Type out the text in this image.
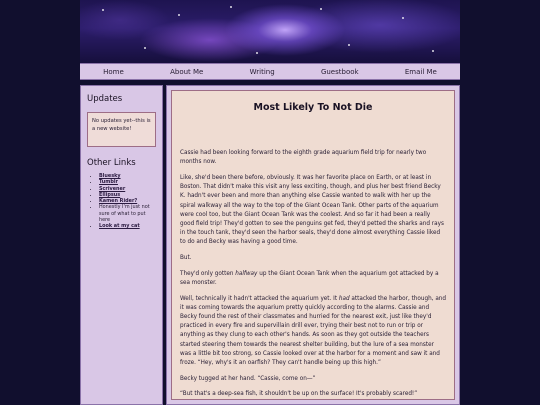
Home	About Me	Writing	Guestbook	Email Me
Updates
No updates yet--this is a new website!
Other Links
• Bluesky
• Tumblr
• Scrivener
• Ellipsus
• Kamen Rider?
• Honestly I'm just not sure of what to put here
• Look at my cat
Most Likely To Not Die

Cassie had been looking forward to the eighth grade aquarium field trip for nearly two months now.

Like, she'd been there before, obviously. It was her favorite place on Earth, or at least in Boston. That didn't make this visit any less exciting, though, and plus her best friend Becky K. hadn't ever been and more than anything else Cassie wanted to walk with her up the spiral walkway all the way to the top of the Giant Ocean Tank. Other parts of the aquarium were cool too, but the Giant Ocean Tank was the coolest. And so far it had been a really good field trip! They'd gotten to see the penguins get fed, they'd petted the sharks and rays in the touch tank, they'd seen the harbor seals, they'd done almost everything Cassie liked to do and Becky was having a good time.

But.

They'd only gotten halfway up the Giant Ocean Tank when the aquarium got attacked by a sea monster.

Well, technically it hadn't attacked the aquarium yet. It had attacked the harbor, though, and it was coming towards the aquarium pretty quickly according to the alarms. Cassie and Becky found the rest of their classmates and hurried for the nearest exit, just like they'd practiced in every fire and supervillain drill ever, trying their best not to run or trip or anything as they clung to each other's hands. As soon as they got outside the teachers started steering them towards the nearest shelter building, but the lure of a sea monster was a little bit too strong, so Cassie looked over at the harbor for a moment and saw it and froze. “Hey, why's it an oarfish? They can't handle being up this high.”

Becky tugged at her hand. “Cassie, come on—”

“But that's a deep-sea fish, it shouldn't be up on the surface! It's probably scared!”
